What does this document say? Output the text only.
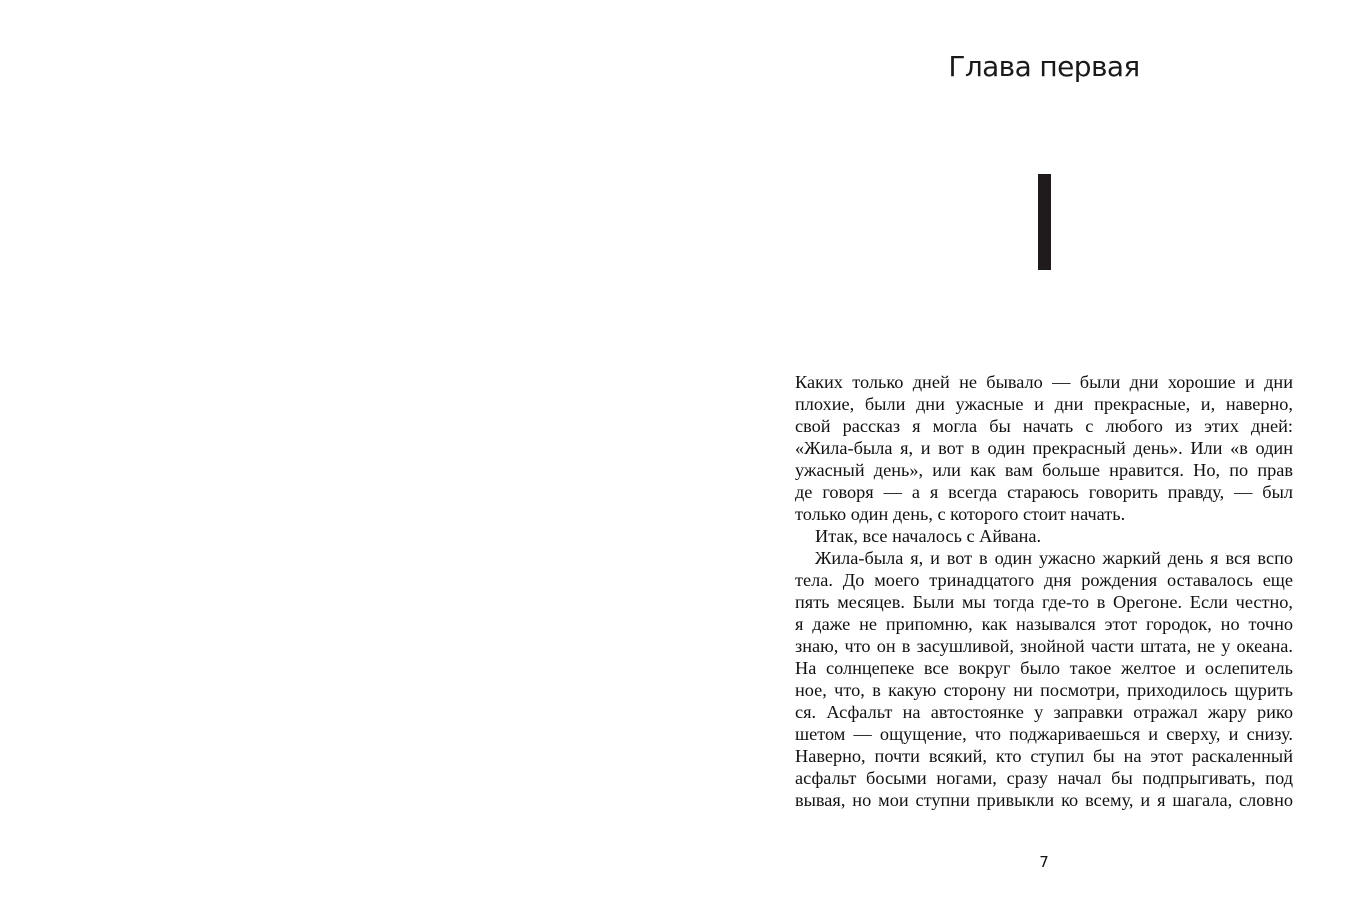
Глава первая
Каких только дней не бывало — были дни хорошие и дни
плохие, были дни ужасные и дни прекрасные, и, наверно,
свой рассказ я могла бы начать с любого из этих дней:
«Жила-была я, и вот в один прекрасный день». Или «в один
ужасный день», или как вам больше нравится. Но, по прав
де говоря — а я всегда стараюсь говорить правду, — был
только один день, с которого стоит начать.
Итак, все началось с Айвана.
Жила-была я, и вот в один ужасно жаркий день я вся вспо
тела. До моего тринадцатого дня рождения оставалось еще
пять месяцев. Были мы тогда где-то в Орегоне. Если честно,
я даже не припомню, как назывался этот городок, но точно
знаю, что он в засушливой, знойной части штата, не у океана.
На солнцепеке все вокруг было такое желтое и ослепитель
ное, что, в какую сторону ни посмотри, приходилось щурить
ся. Асфальт на автостоянке у заправки отражал жару рико
шетом — ощущение, что поджариваешься и сверху, и снизу.
Наверно, почти всякий, кто ступил бы на этот раскаленный
асфальт босыми ногами, сразу начал бы подпрыгивать, под
вывая, но мои ступни привыкли ко всему, и я шагала, словно
7
